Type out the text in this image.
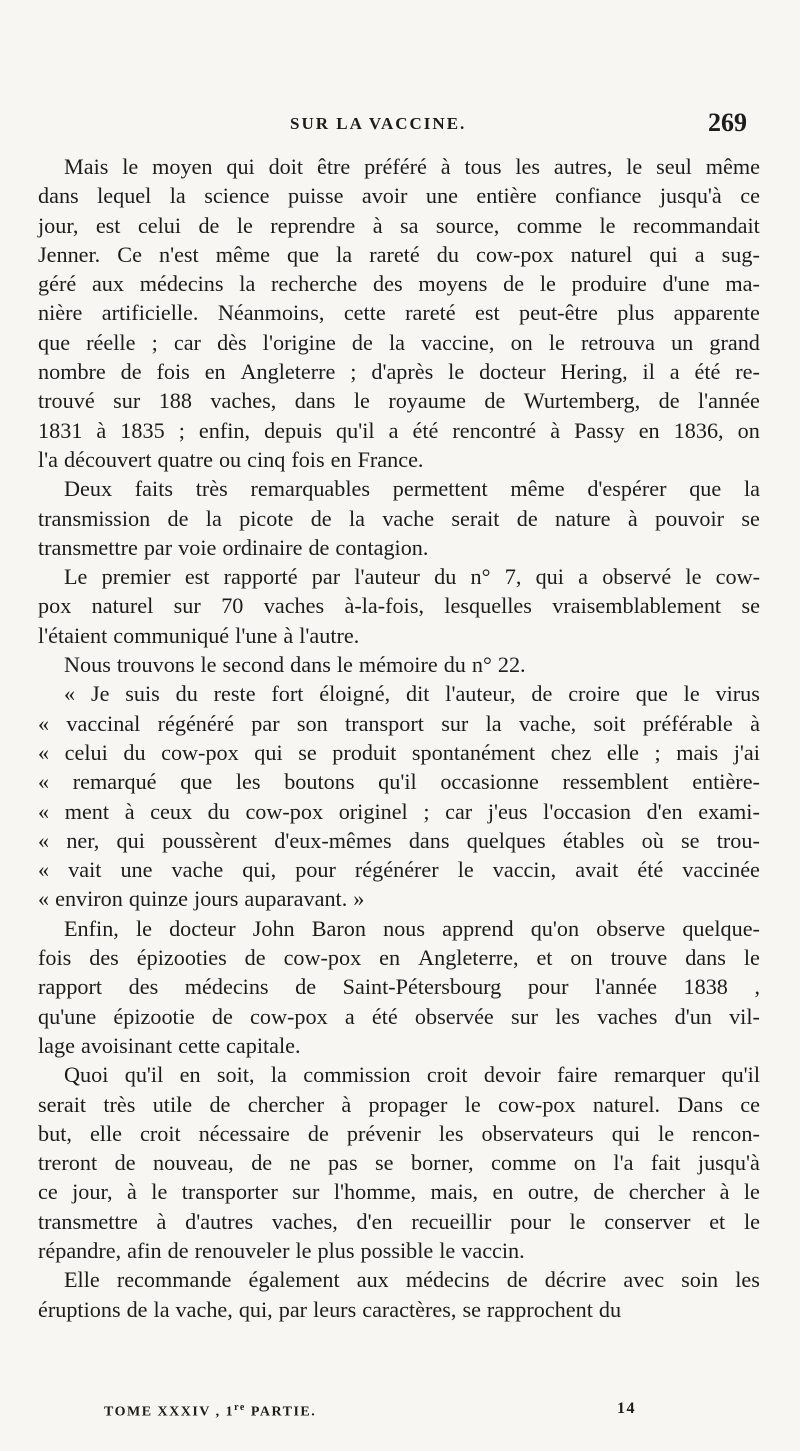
SUR LA VACCINE.	269
Mais le moyen qui doit être préféré à tous les autres, le seul même
dans lequel la science puisse avoir une entière confiance jusqu'à ce
jour, est celui de le reprendre à sa source, comme le recommandait
Jenner. Ce n'est même que la rareté du cow-pox naturel qui a sug-
géré aux médecins la recherche des moyens de le produire d'une ma-
nière artificielle. Néanmoins, cette rareté est peut-être plus apparente
que réelle ; car dès l'origine de la vaccine, on le retrouva un grand
nombre de fois en Angleterre ; d'après le docteur Hering, il a été re-
trouvé sur 188 vaches, dans le royaume de Wurtemberg, de l'année
1831 à 1835 ; enfin, depuis qu'il a été rencontré à Passy en 1836, on
l'a découvert quatre ou cinq fois en France.
Deux faits très remarquables permettent même d'espérer que la
transmission de la picote de la vache serait de nature à pouvoir se
transmettre par voie ordinaire de contagion.
Le premier est rapporté par l'auteur du n° 7, qui a observé le cow-
pox naturel sur 70 vaches à-la-fois, lesquelles vraisemblablement se
l'étaient communiqué l'une à l'autre.
Nous trouvons le second dans le mémoire du n° 22.
« Je suis du reste fort éloigné, dit l'auteur, de croire que le virus
« vaccinal régénéré par son transport sur la vache, soit préférable à
« celui du cow-pox qui se produit spontanément chez elle ; mais j'ai
« remarqué que les boutons qu'il occasionne ressemblent entière-
« ment à ceux du cow-pox originel ; car j'eus l'occasion d'en exami-
« ner, qui poussèrent d'eux-mêmes dans quelques étables où se trou-
« vait une vache qui, pour régénérer le vaccin, avait été vaccinée
« environ quinze jours auparavant. »
Enfin, le docteur John Baron nous apprend qu'on observe quelque-
fois des épizooties de cow-pox en Angleterre, et on trouve dans le
rapport des médecins de Saint-Pétersbourg pour l'année 1838 ,
qu'une épizootie de cow-pox a été observée sur les vaches d'un vil-
lage avoisinant cette capitale.
Quoi qu'il en soit, la commission croit devoir faire remarquer qu'il
serait très utile de chercher à propager le cow-pox naturel. Dans ce
but, elle croit nécessaire de prévenir les observateurs qui le rencon-
treront de nouveau, de ne pas se borner, comme on l'a fait jusqu'à
ce jour, à le transporter sur l'homme, mais, en outre, de chercher à le
transmettre à d'autres vaches, d'en recueillir pour le conserver et le
répandre, afin de renouveler le plus possible le vaccin.
Elle recommande également aux médecins de décrire avec soin les
éruptions de la vache, qui, par leurs caractères, se rapprochent du
TOME XXXIV , 1re PARTIE.	14
